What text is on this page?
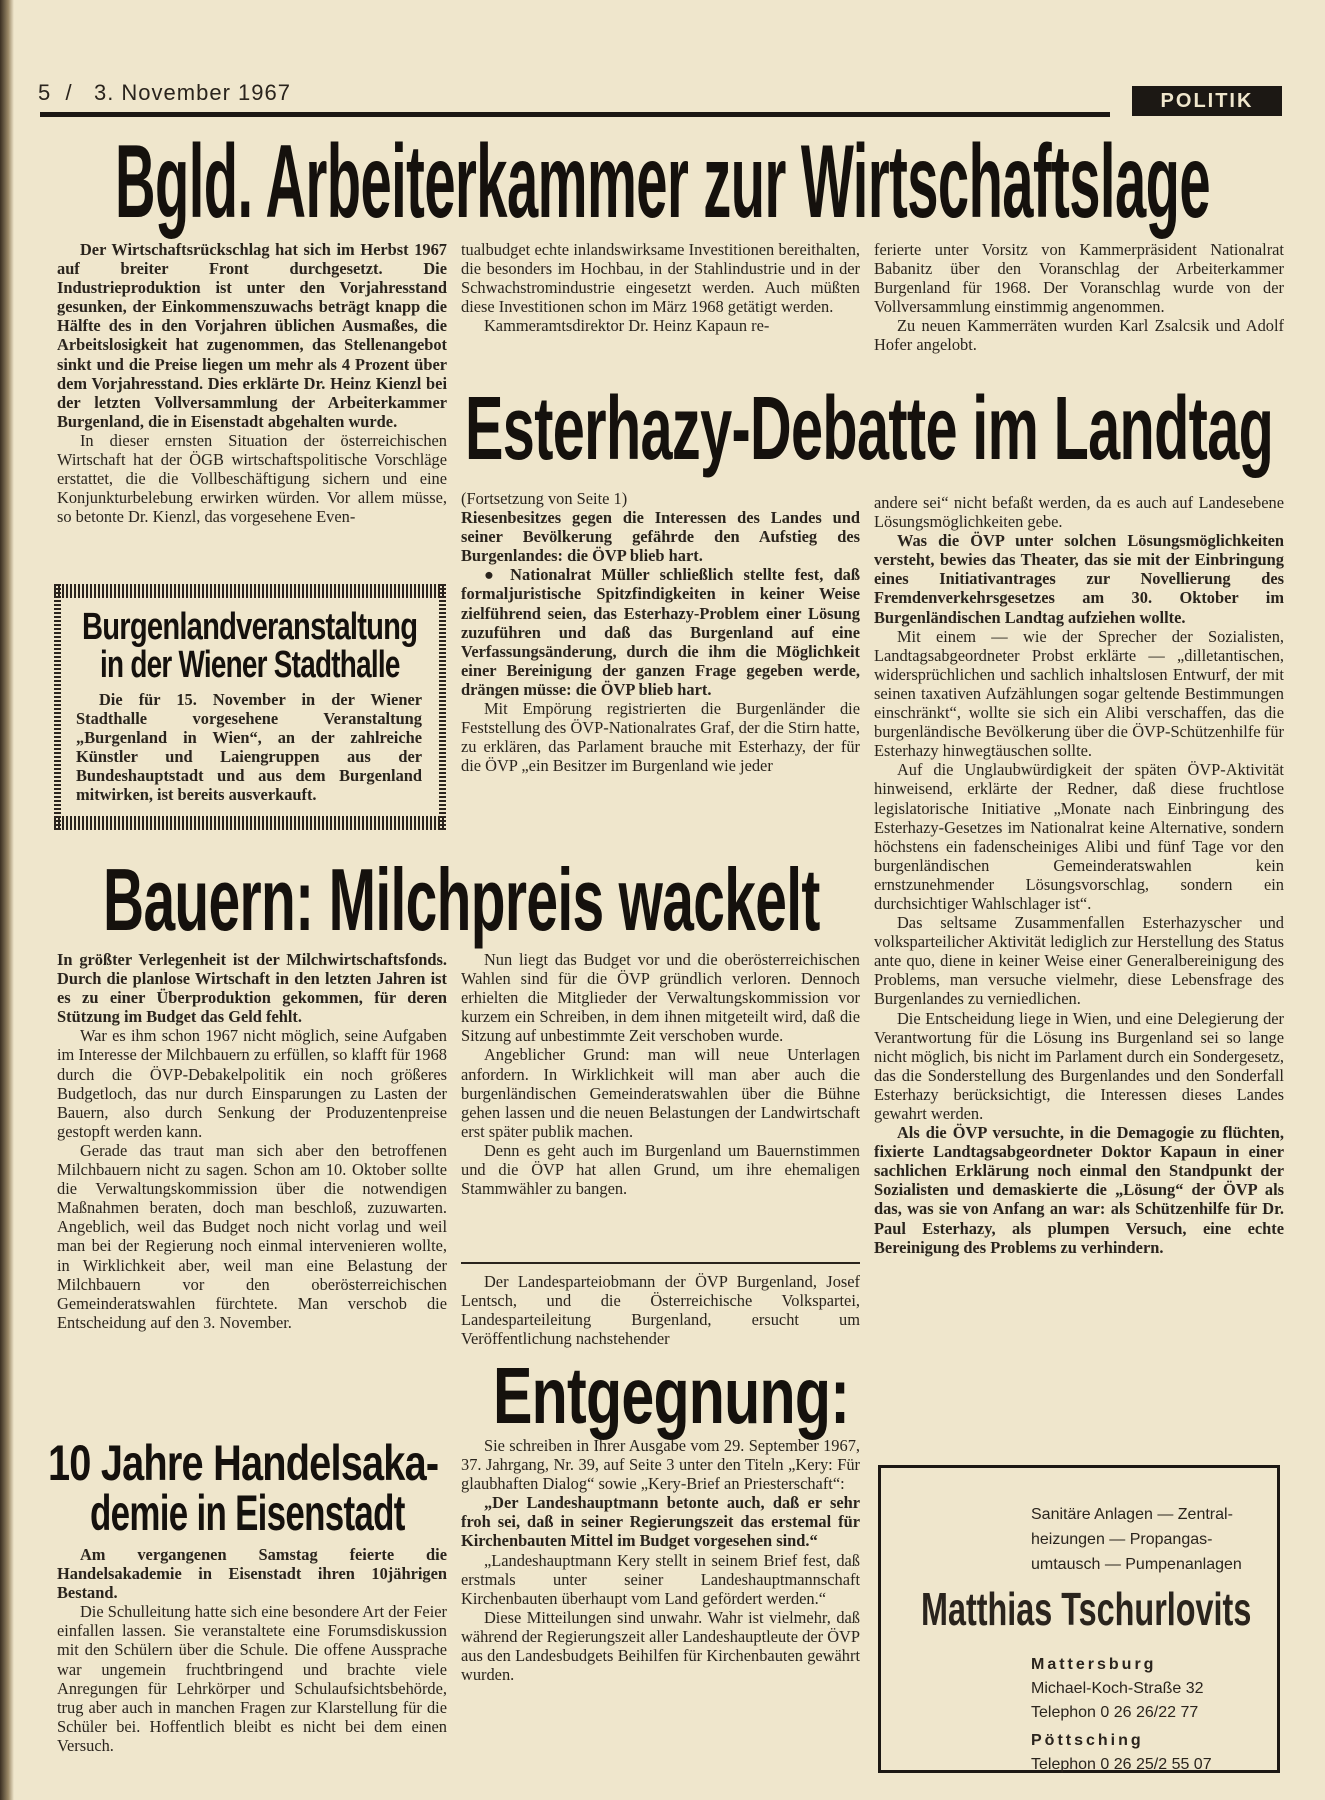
5 / 3. November 1967	POLITIK
Bgld. Arbeiterkammer zur Wirtschaftslage

Der Wirtschaftsrückschlag hat sich im Herbst 1967 auf breiter Front durchgesetzt. Die Industrieproduktion ist unter den Vorjahresstand gesunken, der Einkommenszuwachs beträgt knapp die Hälfte des in den Vorjahren üblichen Ausmaßes, die Arbeitslosigkeit hat zugenommen, das Stellenangebot sinkt und die Preise liegen um mehr als 4 Prozent über dem Vorjahresstand. Dies erklärte Dr. Heinz Kienzl bei der letzten Vollversammlung der Arbeiterkammer Burgenland, die in Eisenstadt abgehalten wurde.

In dieser ernsten Situation der österreichischen Wirtschaft hat der ÖGB wirtschaftspolitische Vorschläge erstattet, die die Vollbeschäftigung sichern und eine Konjunkturbelebung erwirken würden. Vor allem müsse, so betonte Dr. Kienzl, das vorgesehene Even-

tualbudget echte inlandswirksame Investitionen bereithalten, die besonders im Hochbau, in der Stahlindustrie und in der Schwachstromindustrie eingesetzt werden. Auch müßten diese Investitionen schon im März 1968 getätigt werden.

Kammeramtsdirektor Dr. Heinz Kapaun re-

ferierte unter Vorsitz von Kammerpräsident Nationalrat Babanitz über den Voranschlag der Arbeiterkammer Burgenland für 1968. Der Voranschlag wurde von der Vollversammlung einstimmig angenommen.

Zu neuen Kammerräten wurden Karl Zsalcsik und Adolf Hofer angelobt.

Burgenlandveranstaltung
in der Wiener Stadthalle

Die für 15. November in der Wiener Stadthalle vorgesehene Veranstaltung „Burgenland in Wien“, an der zahlreiche Künstler und Laiengruppen aus der Bundeshauptstadt und aus dem Burgenland mitwirken, ist bereits ausverkauft.

Esterhazy-Debatte im Landtag

(Fortsetzung von Seite 1)

Riesenbesitzes gegen die Interessen des Landes und seiner Bevölkerung gefährde den Aufstieg des Burgenlandes: die ÖVP blieb hart.

● Nationalrat Müller schließlich stellte fest, daß formaljuristische Spitzfindigkeiten in keiner Weise zielführend seien, das Esterhazy-Problem einer Lösung zuzuführen und daß das Burgenland auf eine Verfassungsänderung, durch die ihm die Möglichkeit einer Bereinigung der ganzen Frage gegeben werde, drängen müsse: die ÖVP blieb hart.

Mit Empörung registrierten die Burgenländer die Feststellung des ÖVP-Nationalrates Graf, der die Stirn hatte, zu erklären, das Parlament brauche mit Esterhazy, der für die ÖVP „ein Besitzer im Burgenland wie jeder

andere sei“ nicht befaßt werden, da es auch auf Landesebene Lösungsmöglichkeiten gebe.

Was die ÖVP unter solchen Lösungsmöglichkeiten versteht, bewies das Theater, das sie mit der Einbringung eines Initiativantrages zur Novellierung des Fremdenverkehrsgesetzes am 30. Oktober im Burgenländischen Landtag aufziehen wollte.

Mit einem — wie der Sprecher der Sozialisten, Landtagsabgeordneter Probst erklärte — „dilletantischen, widersprüchlichen und sachlich inhaltslosen Entwurf, der mit seinen taxativen Aufzählungen sogar geltende Bestimmungen einschränkt“, wollte sie sich ein Alibi verschaffen, das die burgenländische Bevölkerung über die ÖVP-Schützenhilfe für Esterhazy hinwegtäuschen sollte.

Auf die Unglaubwürdigkeit der späten ÖVP-Aktivität hinweisend, erklärte der Redner, daß diese fruchtlose legislatorische Initiative „Monate nach Einbringung des Esterhazy-Gesetzes im Nationalrat keine Alternative, sondern höchstens ein fadenscheiniges Alibi und fünf Tage vor den burgenländischen Gemeinderatswahlen kein ernstzunehmender Lösungsvorschlag, sondern ein durchsichtiger Wahlschlager ist“.

Das seltsame Zusammenfallen Esterhazyscher und volksparteilicher Aktivität lediglich zur Herstellung des Status ante quo, diene in keiner Weise einer Generalbereinigung des Problems, man versuche vielmehr, diese Lebensfrage des Burgenlandes zu verniedlichen.

Die Entscheidung liege in Wien, und eine Delegierung der Verantwortung für die Lösung ins Burgenland sei so lange nicht möglich, bis nicht im Parlament durch ein Sondergesetz, das die Sonderstellung des Burgenlandes und den Sonderfall Esterhazy berücksichtigt, die Interessen dieses Landes gewahrt werden.

Als die ÖVP versuchte, in die Demagogie zu flüchten, fixierte Landtagsabgeordneter Doktor Kapaun in einer sachlichen Erklärung noch einmal den Standpunkt der Sozialisten und demaskierte die „Lösung“ der ÖVP als das, was sie von Anfang an war: als Schützenhilfe für Dr. Paul Esterhazy, als plumpen Versuch, eine echte Bereinigung des Problems zu verhindern.

Bauern: Milchpreis wackelt

In größter Verlegenheit ist der Milchwirtschaftsfonds. Durch die planlose Wirtschaft in den letzten Jahren ist es zu einer Überproduktion gekommen, für deren Stützung im Budget das Geld fehlt.

War es ihm schon 1967 nicht möglich, seine Aufgaben im Interesse der Milchbauern zu erfüllen, so klafft für 1968 durch die ÖVP-Debakelpolitik ein noch größeres Budgetloch, das nur durch Einsparungen zu Lasten der Bauern, also durch Senkung der Produzentenpreise gestopft werden kann.

Gerade das traut man sich aber den betroffenen Milchbauern nicht zu sagen. Schon am 10. Oktober sollte die Verwaltungskommission über die notwendigen Maßnahmen beraten, doch man beschloß, zuzuwarten. Angeblich, weil das Budget noch nicht vorlag und weil man bei der Regierung noch einmal intervenieren wollte, in Wirklichkeit aber, weil man eine Belastung der Milchbauern vor den oberösterreichischen Gemeinderatswahlen fürchtete. Man verschob die Entscheidung auf den 3. November.

Nun liegt das Budget vor und die oberösterreichischen Wahlen sind für die ÖVP gründlich verloren. Dennoch erhielten die Mitglieder der Verwaltungskommission vor kurzem ein Schreiben, in dem ihnen mitgeteilt wird, daß die Sitzung auf unbestimmte Zeit verschoben wurde.

Angeblicher Grund: man will neue Unterlagen anfordern. In Wirklichkeit will man aber auch die burgenländischen Gemeinderatswahlen über die Bühne gehen lassen und die neuen Belastungen der Landwirtschaft erst später publik machen.

Denn es geht auch im Burgenland um Bauernstimmen und die ÖVP hat allen Grund, um ihre ehemaligen Stammwähler zu bangen.

Der Landesparteiobmann der ÖVP Burgenland, Josef Lentsch, und die Österreichische Volkspartei, Landesparteileitung Burgenland, ersucht um Veröffentlichung nachstehender

Entgegnung:

Sie schreiben in Ihrer Ausgabe vom 29. September 1967, 37. Jahrgang, Nr. 39, auf Seite 3 unter den Titeln „Kery: Für glaubhaften Dialog“ sowie „Kery-Brief an Priesterschaft“:

„Der Landeshauptmann betonte auch, daß er sehr froh sei, daß in seiner Regierungszeit das erstemal für Kirchenbauten Mittel im Budget vorgesehen sind.“

„Landeshauptmann Kery stellt in seinem Brief fest, daß erstmals unter seiner Landeshauptmannschaft Kirchenbauten überhaupt vom Land gefördert werden.“

Diese Mitteilungen sind unwahr. Wahr ist vielmehr, daß während der Regierungszeit aller Landeshauptleute der ÖVP aus den Landesbudgets Beihilfen für Kirchenbauten gewährt wurden.

10 Jahre Handelsaka-
demie in Eisenstadt

Am vergangenen Samstag feierte die Handelsakademie in Eisenstadt ihren 10jährigen Bestand.

Die Schulleitung hatte sich eine besondere Art der Feier einfallen lassen. Sie veranstaltete eine Forumsdiskussion mit den Schülern über die Schule. Die offene Aussprache war ungemein fruchtbringend und brachte viele Anregungen für Lehrkörper und Schulaufsichtsbehörde, trug aber auch in manchen Fragen zur Klarstellung für die Schüler bei. Hoffentlich bleibt es nicht bei dem einen Versuch.

Sanitäre Anlagen — Zentral-
heizungen — Propangas-
umtausch — Pumpenanlagen
Matthias Tschurlovits
Mattersburg
Michael-Koch-Straße 32
Telephon 0 26 26/22 77
Pöttsching
Telephon 0 26 25/2 55 07
